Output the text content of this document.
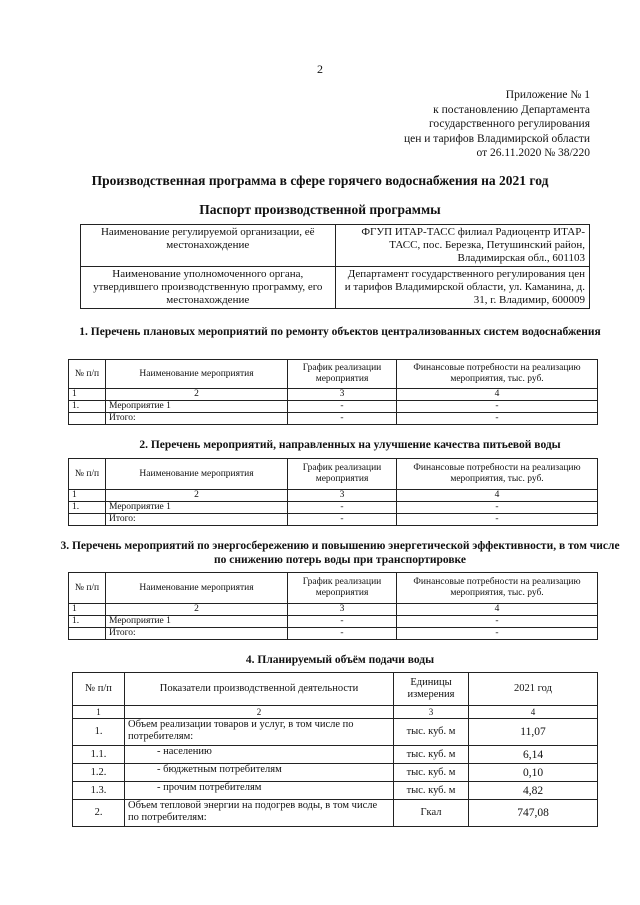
2
Приложение № 1
к постановлению Департамента
государственного регулирования
цен и тарифов Владимирской области
от 26.11.2020 № 38/220
Производственная программа в сфере горячего водоснабжения на 2021 год
Паспорт производственной программы
Наименование регулируемой организации, её местонахождение	ФГУП ИТАР-ТАСС филиал Радиоцентр ИТАР-ТАСС, пос. Березка, Петушинский район, Владимирская обл., 601103
Наименование уполномоченного органа, утвердившего производственную программу, его местонахождение	Департамент государственного регулирования цен и тарифов Владимирской области, ул. Каманина, д. 31, г. Владимир, 600009
1. Перечень плановых мероприятий по ремонту объектов централизованных систем водоснабжения
№ п/п	Наименование мероприятия	График реализации мероприятия	Финансовые потребности на реализацию мероприятия, тыс. руб.
1	2	3	4
1.	Мероприятие 1	-	-
	Итого:	-	-
2. Перечень мероприятий, направленных на улучшение качества питьевой воды
№ п/п	Наименование мероприятия	График реализации мероприятия	Финансовые потребности на реализацию мероприятия, тыс. руб.
1	2	3	4
1.	Мероприятие 1	-	-
	Итого:	-	-
3. Перечень мероприятий по энергосбережению и повышению энергетической эффективности, в том числе по снижению потерь воды при транспортировке
№ п/п	Наименование мероприятия	График реализации мероприятия	Финансовые потребности на реализацию мероприятия, тыс. руб.
1	2	3	4
1.	Мероприятие 1	-	-
	Итого:	-	-
4. Планируемый объём подачи воды
№ п/п	Показатели производственной деятельности	Единицы измерения	2021 год
1	2	3	4
1.	Объем реализации товаров и услуг, в том числе по потребителям:	тыс. куб. м	11,07
1.1.	- населению	тыс. куб. м	6,14
1.2.	- бюджетным потребителям	тыс. куб. м	0,10
1.3.	- прочим потребителям	тыс. куб. м	4,82
2.	Объем тепловой энергии на подогрев воды, в том числе по потребителям:	Гкал	747,08
